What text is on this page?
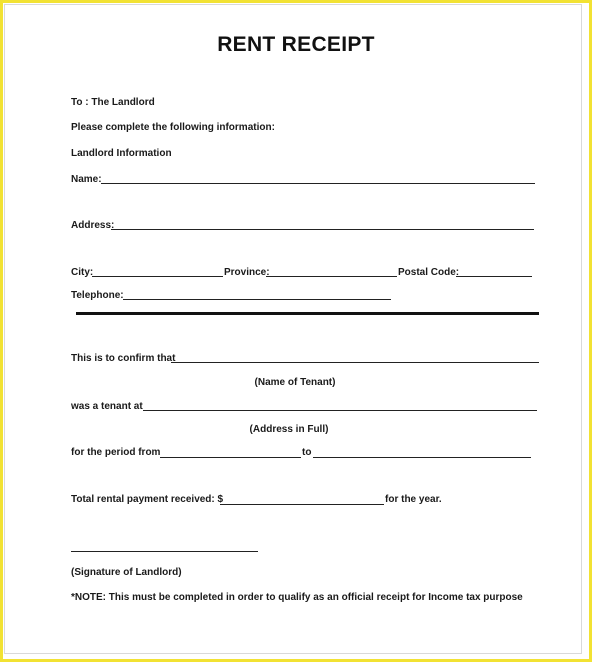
RENT RECEIPT
To : The Landlord
Please complete the following information:
Landlord Information
Name:
Address:
City:	Province:	Postal Code:
Telephone:
This is to confirm that
(Name of Tenant)
was a tenant at
(Address in Full)
for the period from	to
Total rental payment received: $	for the year.
(Signature of Landlord)
*NOTE: This must be completed in order to qualify as an official receipt for Income tax purpose
